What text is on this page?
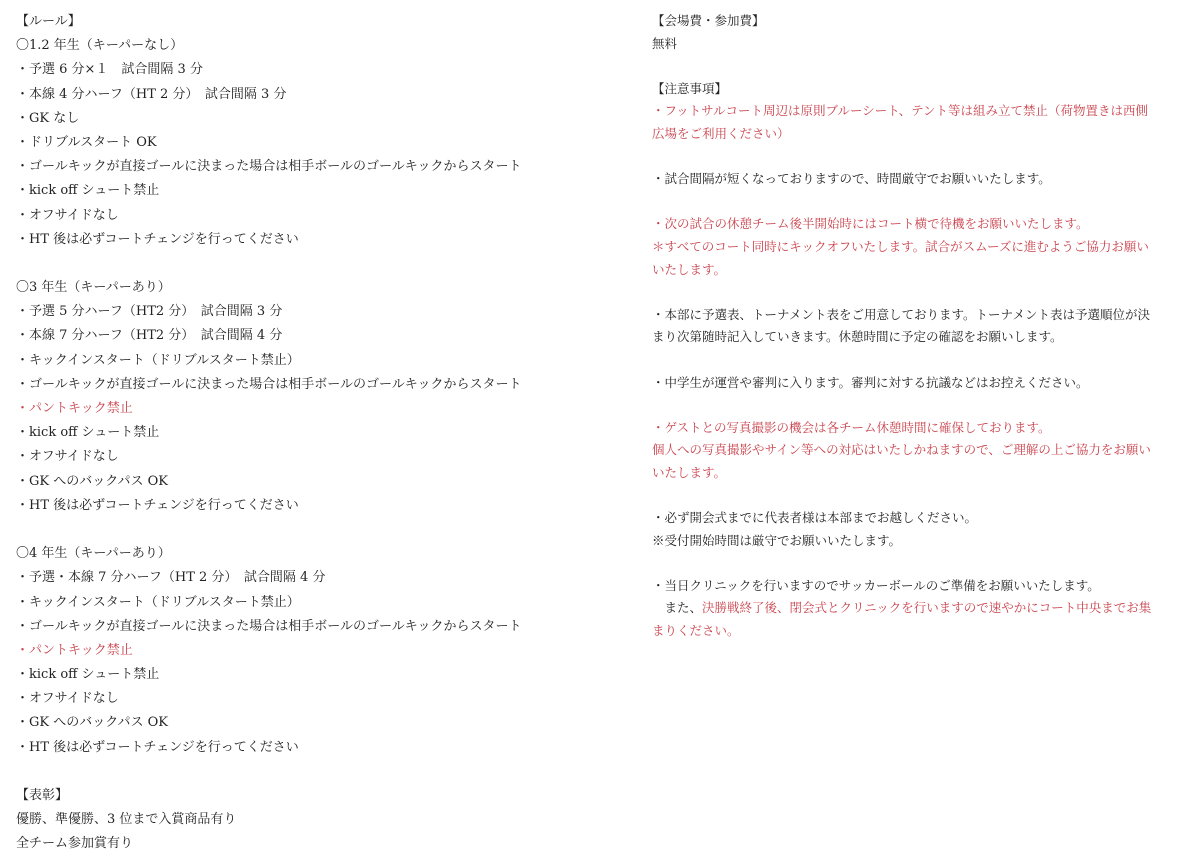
【ルール】
〇1.2 年生（キーパーなし）
・予選 6 分×１　試合間隔 3 分
・本線 4 分ハーフ（HT 2 分）　試合間隔 3 分
・GK なし
・ドリブルスタート OK
・ゴールキックが直接ゴールに決まった場合は相手ボールのゴールキックからスタート
・kick off シュート禁止
・オフサイドなし
・HT 後は必ずコートチェンジを行ってください
〇3 年生（キーパーあり）
・予選 5 分ハーフ（HT2 分）　試合間隔 3 分
・本線 7 分ハーフ（HT2 分）　試合間隔 4 分
・キックインスタート（ドリブルスタート禁止）
・ゴールキックが直接ゴールに決まった場合は相手ボールのゴールキックからスタート
・パントキック禁止
・kick off シュート禁止
・オフサイドなし
・GK へのバックパス OK
・HT 後は必ずコートチェンジを行ってください
〇4 年生（キーパーあり）
・予選・本線 7 分ハーフ（HT 2 分）　試合間隔 4 分
・キックインスタート（ドリブルスタート禁止）
・ゴールキックが直接ゴールに決まった場合は相手ボールのゴールキックからスタート
・パントキック禁止
・kick off シュート禁止
・オフサイドなし
・GK へのバックパス OK
・HT 後は必ずコートチェンジを行ってください
【表彰】
優勝、準優勝、3 位まで入賞商品有り
全チーム参加賞有り
【会場費・参加費】
無料
【注意事項】
・フットサルコート周辺は原則ブルーシート、テント等は組み立て禁止（荷物置きは西側
広場をご利用ください）
・試合間隔が短くなっておりますので、時間厳守でお願いいたします。
・次の試合の休憩チーム後半開始時にはコート横で待機をお願いいたします。
＊すべてのコート同時にキックオフいたします。試合がスムーズに進むようご協力お願い
いたします。
・本部に予選表、トーナメント表をご用意しております。トーナメント表は予選順位が決
まり次第随時記入していきます。休憩時間に予定の確認をお願いします。
・中学生が運営や審判に入ります。審判に対する抗議などはお控えください。
・ゲストとの写真撮影の機会は各チーム休憩時間に確保しております。
個人への写真撮影やサイン等への対応はいたしかねますので、ご理解の上ご協力をお願い
いたします。
・必ず開会式までに代表者様は本部までお越しください。
※受付開始時間は厳守でお願いいたします。
・当日クリニックを行いますのでサッカーボールのご準備をお願いいたします。
　また、決勝戦終了後、閉会式とクリニックを行いますので速やかにコート中央までお集
まりください。
